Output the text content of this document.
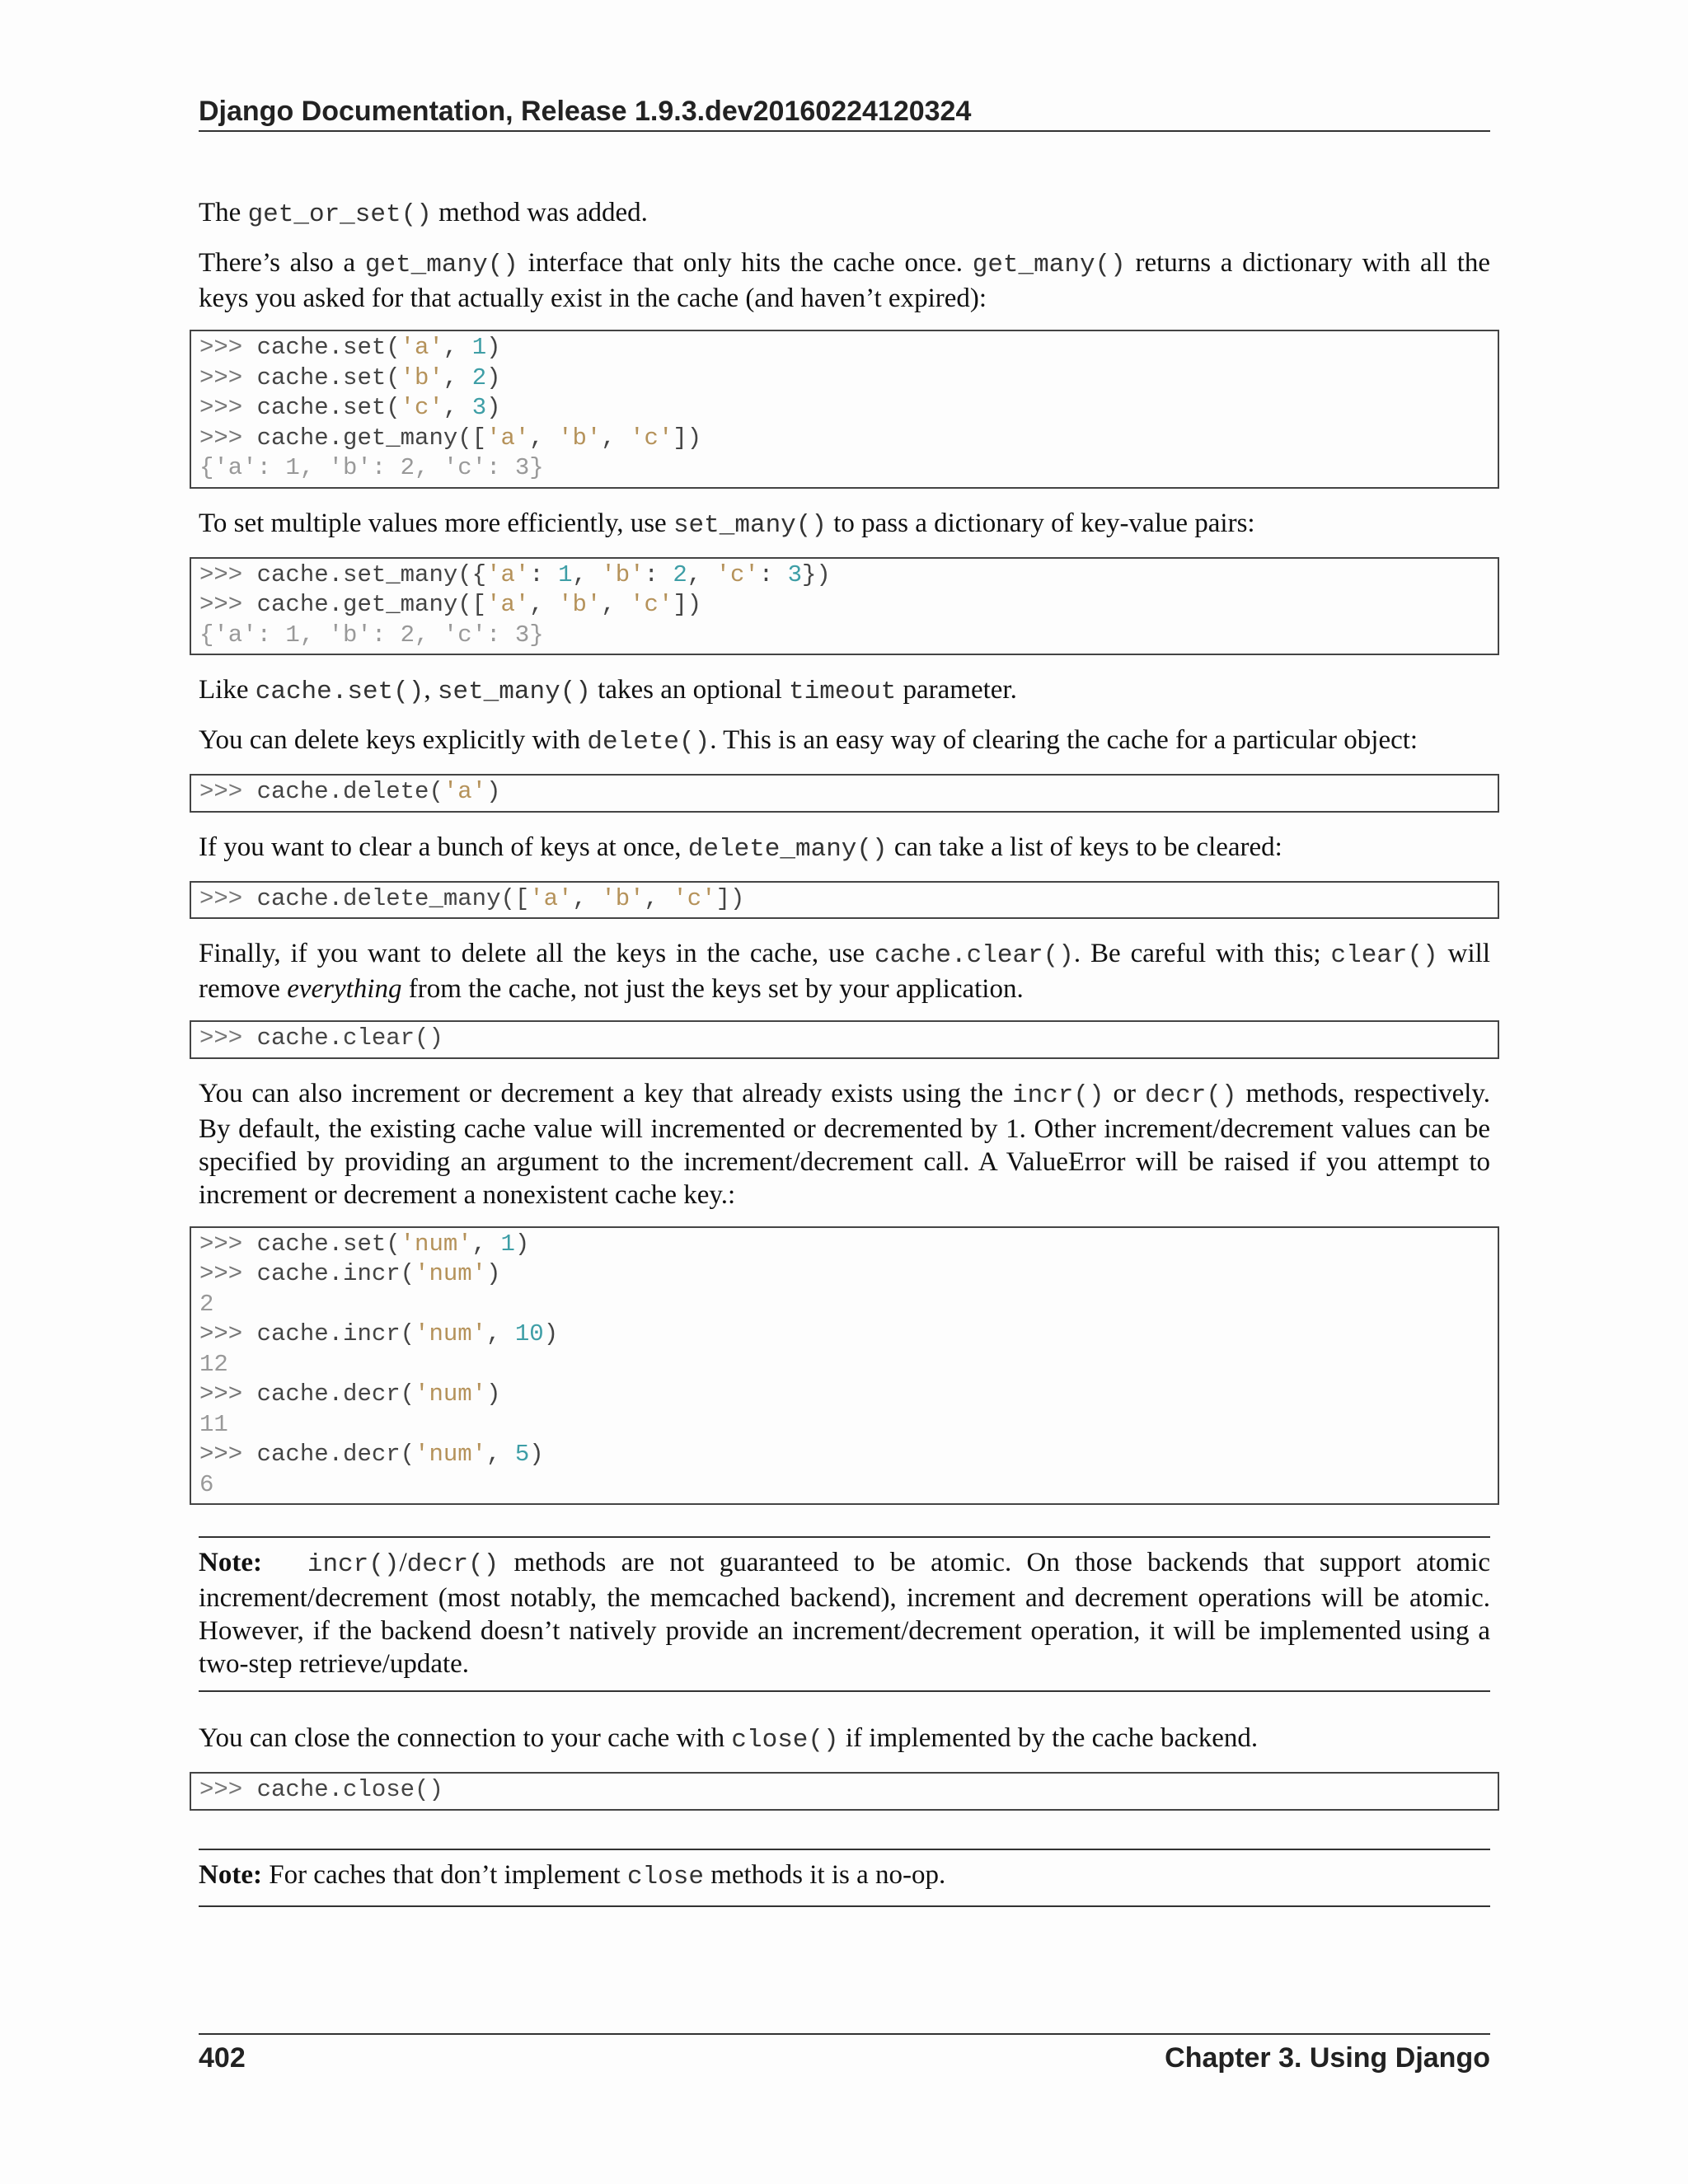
Django Documentation, Release 1.9.3.dev20160224120324

The get_or_set() method was added.

There’s also a get_many() interface that only hits the cache once. get_many() returns a dictionary with all the keys you asked for that actually exist in the cache (and haven’t expired):

>>> cache.set('a', 1)
>>> cache.set('b', 2)
>>> cache.set('c', 3)
>>> cache.get_many(['a', 'b', 'c'])
{'a': 1, 'b': 2, 'c': 3}

To set multiple values more efficiently, use set_many() to pass a dictionary of key-value pairs:

>>> cache.set_many({'a': 1, 'b': 2, 'c': 3})
>>> cache.get_many(['a', 'b', 'c'])
{'a': 1, 'b': 2, 'c': 3}

Like cache.set(), set_many() takes an optional timeout parameter.

You can delete keys explicitly with delete(). This is an easy way of clearing the cache for a particular object:

>>> cache.delete('a')

If you want to clear a bunch of keys at once, delete_many() can take a list of keys to be cleared:

>>> cache.delete_many(['a', 'b', 'c'])

Finally, if you want to delete all the keys in the cache, use cache.clear(). Be careful with this; clear() will remove everything from the cache, not just the keys set by your application.

>>> cache.clear()

You can also increment or decrement a key that already exists using the incr() or decr() methods, respectively. By default, the existing cache value will incremented or decremented by 1. Other increment/decrement values can be specified by providing an argument to the increment/decrement call. A ValueError will be raised if you attempt to increment or decrement a nonexistent cache key.:

>>> cache.set('num', 1)
>>> cache.incr('num')
2
>>> cache.incr('num', 10)
12
>>> cache.decr('num')
11
>>> cache.decr('num', 5)
6
Note: incr()/decr() methods are not guaranteed to be atomic. On those backends that support atomic increment/decrement (most notably, the memcached backend), increment and decrement operations will be atomic. However, if the backend doesn’t natively provide an increment/decrement operation, it will be implemented using a two-step retrieve/update.

You can close the connection to your cache with close() if implemented by the cache backend.

>>> cache.close()
Note: For caches that don’t implement close methods it is a no-op.
402	Chapter 3. Using Django
